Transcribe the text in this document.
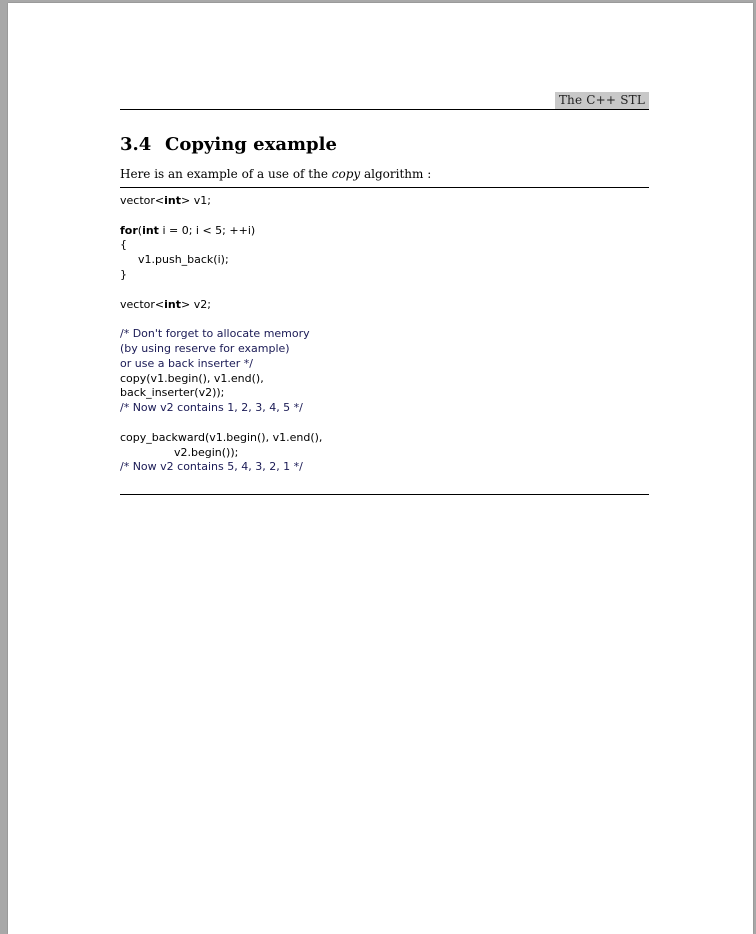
The C++ STL
3.4 Copying example
Here is an example of a use of the copy algorithm :
vector<int> v1;
for(int i = 0; i < 5; ++i)
{
v1.push_back(i);
}
vector<int> v2;
/* Don't forget to allocate memory
(by using reserve for example)
or use a back inserter */
copy(v1.begin(), v1.end(),
back_inserter(v2));
/* Now v2 contains 1, 2, 3, 4, 5 */
copy_backward(v1.begin(), v1.end(),
v2.begin());
/* Now v2 contains 5, 4, 3, 2, 1 */
